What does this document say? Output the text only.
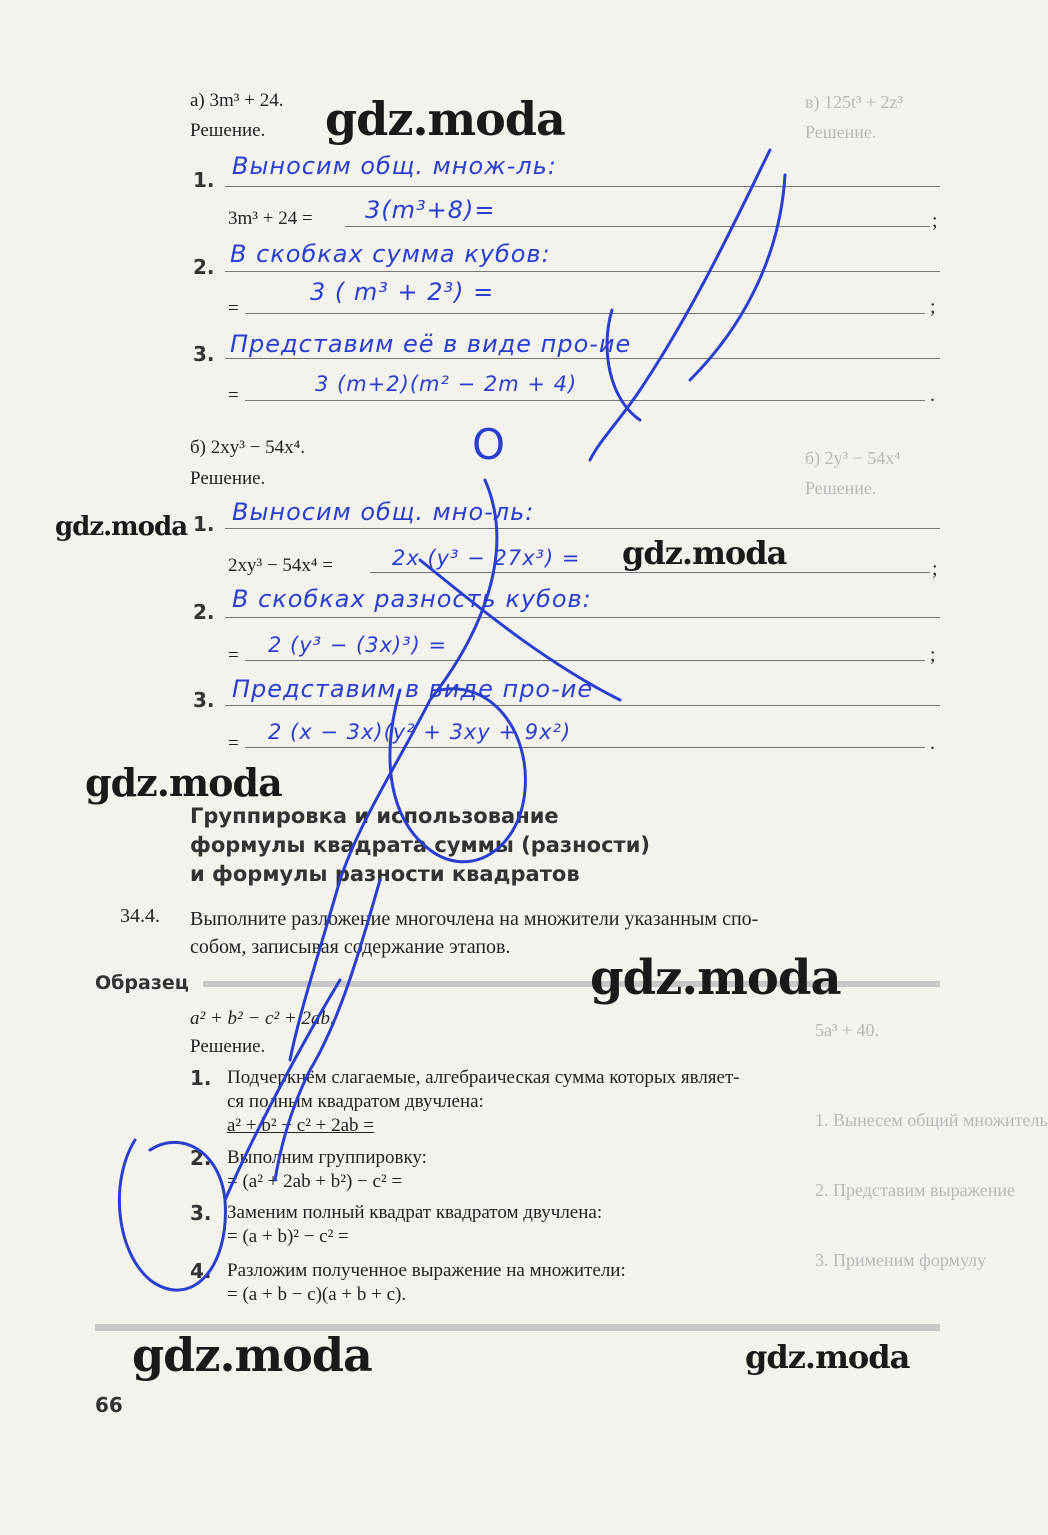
в) 125t³ + 2z³
Решение.
б) 2y³ − 54x⁴
Решение.
5a³ + 40.
1. Вынесем общий множитель
2. Представим выражение
3. Применим формулу
а) 3m³ + 24.
Решение.
1. Выносим общ. множ-ль:
3m³ + 24 = 3(m³+8)=	;
2. В скобках сумма кубов:
=
3 ( m³ + 2³) =
;
3. Представим её в виде про-ие
=	3 (m+2)(m² − 2m + 4)	.
O
б) 2xy³ − 54x⁴.
Решение.
1. Выносим общ. мно-ль:
2xy³ − 54x⁴ =	2x (y³ − 27x³) =	;
2. В скобках разность кубов:
= 2 (y³ − (3x)³) =	;
3. Представим в виде про-ие
= 2 (x − 3x)(y² + 3xy + 9x²)	.
Группировка и использование
формулы квадрата суммы (разности)
и формулы разности квадратов
34.4. Выполните разложение многочлена на множители указанным спо-
собом, записывая содержание этапов.
Образец
a² + b² − c² + 2ab.
Решение.
1. Подчеркнём слагаемые, алгебраическая сумма которых являет-
ся полным квадратом двучлена:
a² + b² − c² + 2ab =
2. Выполним группировку:
= (a² + 2ab + b²) − c² =
3. Заменим полный квадрат квадратом двучлена:
= (a + b)² − c² =
4. Разложим полученное выражение на множители:
= (a + b − c)(a + b + c).
66
gdz.moda
gdz.moda
gdz.moda
gdz.moda
gdz.moda
gdz.moda	gdz.moda
